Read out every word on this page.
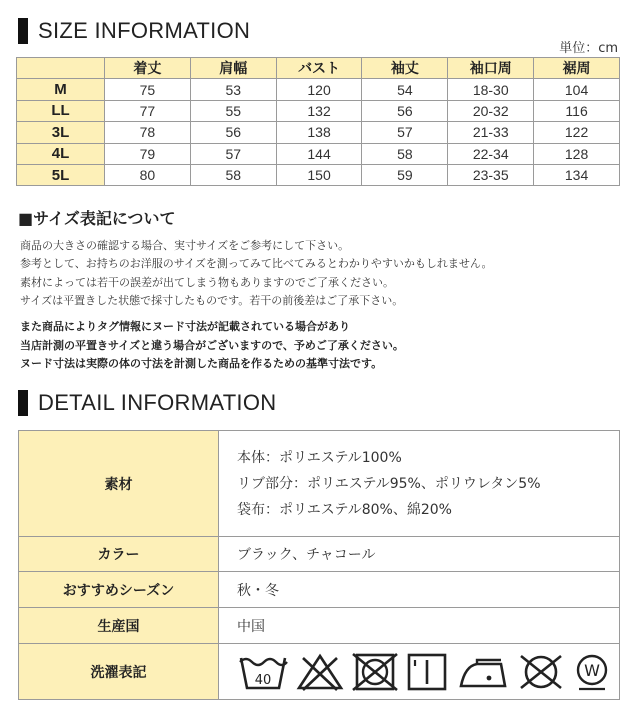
SIZE INFORMATION
単位：cm
	着丈	肩幅	バスト	袖丈	袖口周	裾周
M	75	53	120	54	18-30	104
LL	77	55	132	56	20-32	116
3L	78	56	138	57	21-33	122
4L	79	57	144	58	22-34	128
5L	80	58	150	59	23-35	134
■サイズ表記について
商品の大きさの確認する場合、実寸サイズをご参考にして下さい。
参考として、お持ちのお洋服のサイズを測ってみて比べてみるとわかりやすいかもしれません。
素材によっては若干の誤差が出てしまう物もありますのでご了承ください。
サイズは平置きした状態で採寸したものです。若干の前後差はご了承下さい。
また商品によりタグ情報にヌード寸法が記載されている場合があり
当店計測の平置きサイズと違う場合がございますので、予めご了承ください。
ヌード寸法は実際の体の寸法を計測した商品を作るための基準寸法です。
DETAIL INFORMATION
素材	本体：ポリエステル100%
リブ部分：ポリエステル95%、ポリウレタン5%
袋布：ポリエステル80%、綿20%

カラー	ブラック、チャコール
おすすめシーズン	秋・冬
生産国	中国
洗濯表記	40
W
